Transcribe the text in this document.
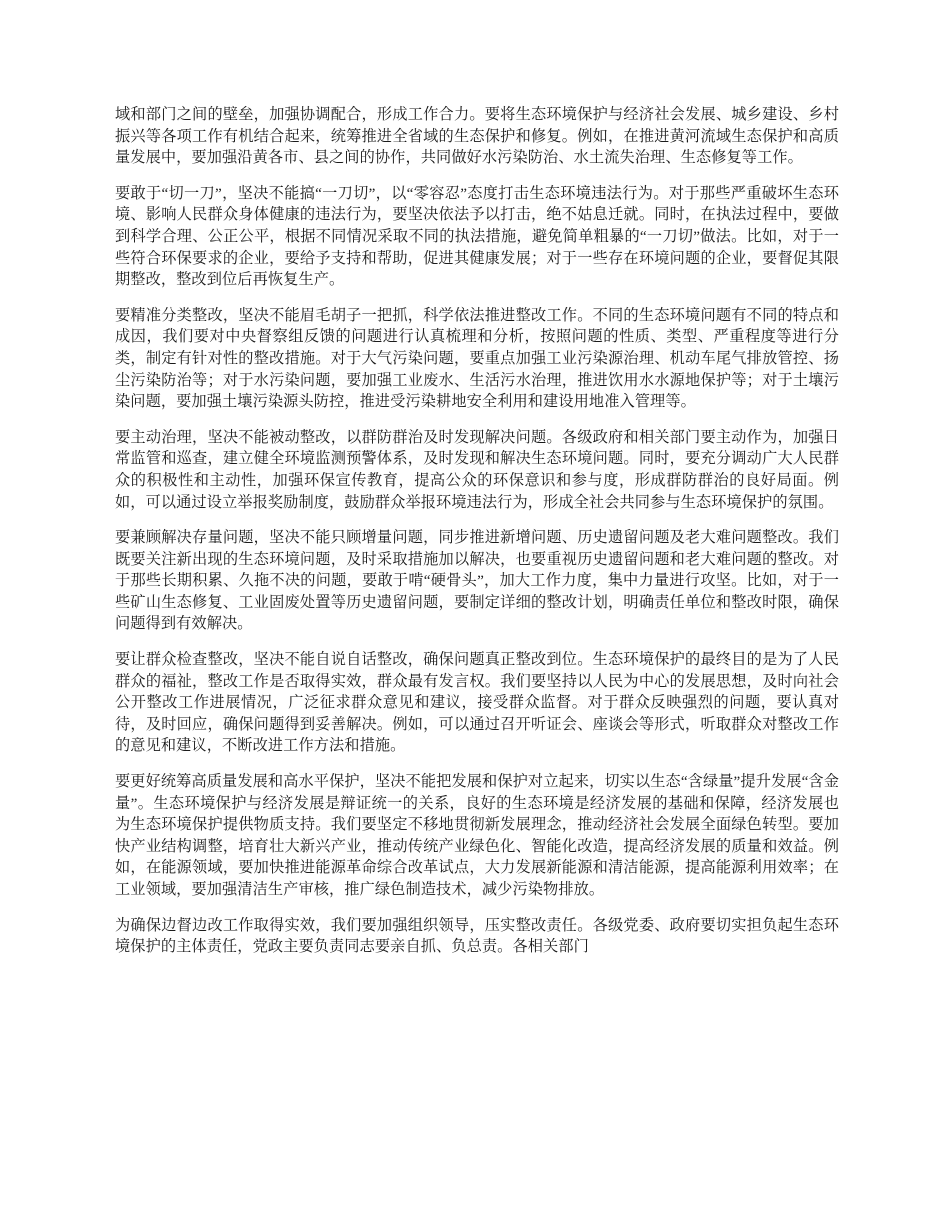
域和部门之间的壁垒，加强协调配合，形成工作合力。要将生态环境保护与经济社会发展、城乡建设、乡村振兴等各项工作有机结合起来，统筹推进全省域的生态保护和修复。例如，在推进黄河流域生态保护和高质量发展中，要加强沿黄各市、县之间的协作，共同做好水污染防治、水土流失治理、生态修复等工作。

要敢于“切一刀”，坚决不能搞“一刀切”，以“零容忍”态度打击生态环境违法行为。对于那些严重破坏生态环境、影响人民群众身体健康的违法行为，要坚决依法予以打击，绝不姑息迁就。同时，在执法过程中，要做到科学合理、公正公平，根据不同情况采取不同的执法措施，避免简单粗暴的“一刀切”做法。比如，对于一些符合环保要求的企业，要给予支持和帮助，促进其健康发展；对于一些存在环境问题的企业，要督促其限期整改，整改到位后再恢复生产。

要精准分类整改，坚决不能眉毛胡子一把抓，科学依法推进整改工作。不同的生态环境问题有不同的特点和成因，我们要对中央督察组反馈的问题进行认真梳理和分析，按照问题的性质、类型、严重程度等进行分类，制定有针对性的整改措施。对于大气污染问题，要重点加强工业污染源治理、机动车尾气排放管控、扬尘污染防治等；对于水污染问题，要加强工业废水、生活污水治理，推进饮用水水源地保护等；对于土壤污染问题，要加强土壤污染源头防控，推进受污染耕地安全利用和建设用地准入管理等。

要主动治理，坚决不能被动整改，以群防群治及时发现解决问题。各级政府和相关部门要主动作为，加强日常监管和巡查，建立健全环境监测预警体系，及时发现和解决生态环境问题。同时，要充分调动广大人民群众的积极性和主动性，加强环保宣传教育，提高公众的环保意识和参与度，形成群防群治的良好局面。例如，可以通过设立举报奖励制度，鼓励群众举报环境违法行为，形成全社会共同参与生态环境保护的氛围。

要兼顾解决存量问题，坚决不能只顾增量问题，同步推进新增问题、历史遗留问题及老大难问题整改。我们既要关注新出现的生态环境问题，及时采取措施加以解决，也要重视历史遗留问题和老大难问题的整改。对于那些长期积累、久拖不决的问题，要敢于啃“硬骨头”，加大工作力度，集中力量进行攻坚。比如，对于一些矿山生态修复、工业固废处置等历史遗留问题，要制定详细的整改计划，明确责任单位和整改时限，确保问题得到有效解决。

要让群众检查整改，坚决不能自说自话整改，确保问题真正整改到位。生态环境保护的最终目的是为了人民群众的福祉，整改工作是否取得实效，群众最有发言权。我们要坚持以人民为中心的发展思想，及时向社会公开整改工作进展情况，广泛征求群众意见和建议，接受群众监督。对于群众反映强烈的问题，要认真对待，及时回应，确保问题得到妥善解决。例如，可以通过召开听证会、座谈会等形式，听取群众对整改工作的意见和建议，不断改进工作方法和措施。

要更好统筹高质量发展和高水平保护，坚决不能把发展和保护对立起来，切实以生态“含绿量”提升发展“含金量”。生态环境保护与经济发展是辩证统一的关系，良好的生态环境是经济发展的基础和保障，经济发展也为生态环境保护提供物质支持。我们要坚定不移地贯彻新发展理念，推动经济社会发展全面绿色转型。要加快产业结构调整，培育壮大新兴产业，推动传统产业绿色化、智能化改造，提高经济发展的质量和效益。例如，在能源领域，要加快推进能源革命综合改革试点，大力发展新能源和清洁能源，提高能源利用效率；在工业领域，要加强清洁生产审核，推广绿色制造技术，减少污染物排放。

为确保边督边改工作取得实效，我们要加强组织领导，压实整改责任。各级党委、政府要切实担负起生态环境保护的主体责任，党政主要负责同志要亲自抓、负总责。各相关部门
